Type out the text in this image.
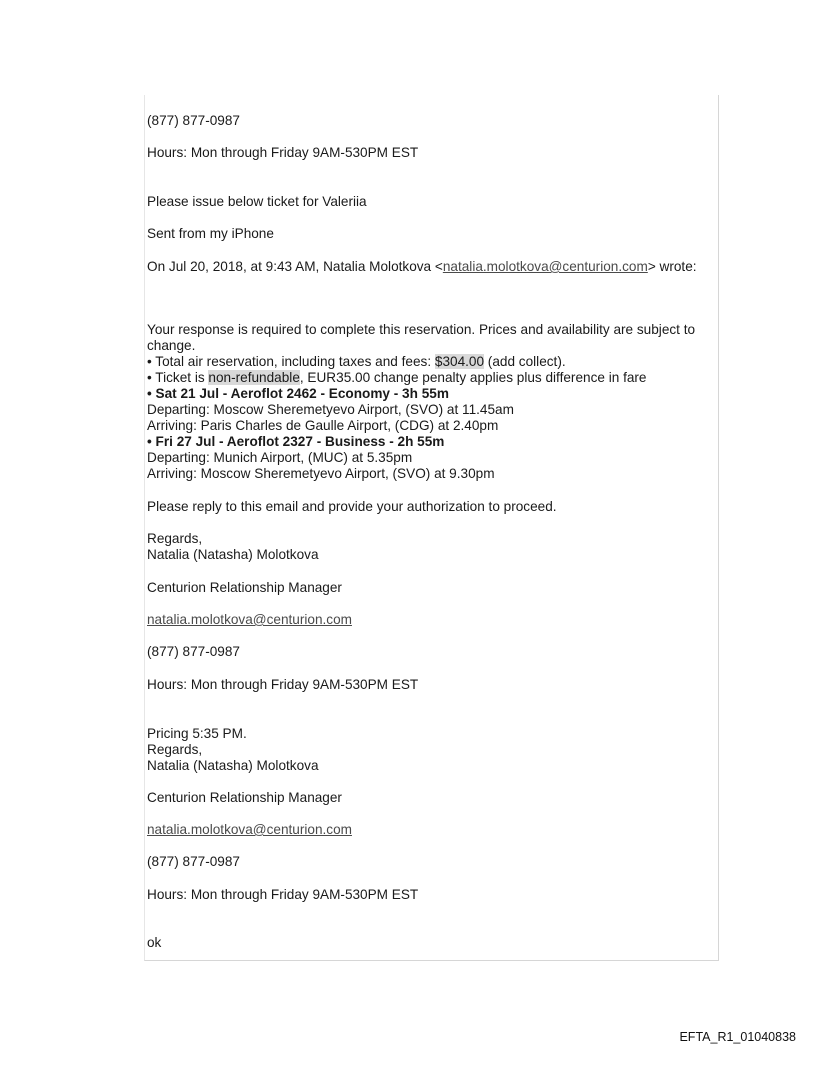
(877) 877-0987
Hours: Mon through Friday 9AM-530PM EST
Please issue below ticket for Valeriia
Sent from my iPhone
On Jul 20, 2018, at 9:43 AM, Natalia Molotkova <natalia.molotkova@centurion.com> wrote:
Your response is required to complete this reservation. Prices and availability are subject to
change.
• Total air reservation, including taxes and fees: $304.00 (add collect).
• Ticket is non-refundable, EUR35.00 change penalty applies plus difference in fare
• Sat 21 Jul - Aeroflot 2462 - Economy - 3h 55m
Departing: Moscow Sheremetyevo Airport, (SVO) at 11.45am
Arriving: Paris Charles de Gaulle Airport, (CDG) at 2.40pm
• Fri 27 Jul - Aeroflot 2327 - Business - 2h 55m
Departing: Munich Airport, (MUC) at 5.35pm
Arriving: Moscow Sheremetyevo Airport, (SVO) at 9.30pm
Please reply to this email and provide your authorization to proceed.
Regards,
Natalia (Natasha) Molotkova
Centurion Relationship Manager
natalia.molotkova@centurion.com
(877) 877-0987
Hours: Mon through Friday 9AM-530PM EST
Pricing 5:35 PM.
Regards,
Natalia (Natasha) Molotkova
Centurion Relationship Manager
natalia.molotkova@centurion.com
(877) 877-0987
Hours: Mon through Friday 9AM-530PM EST
ok
EFTA_R1_01040838
